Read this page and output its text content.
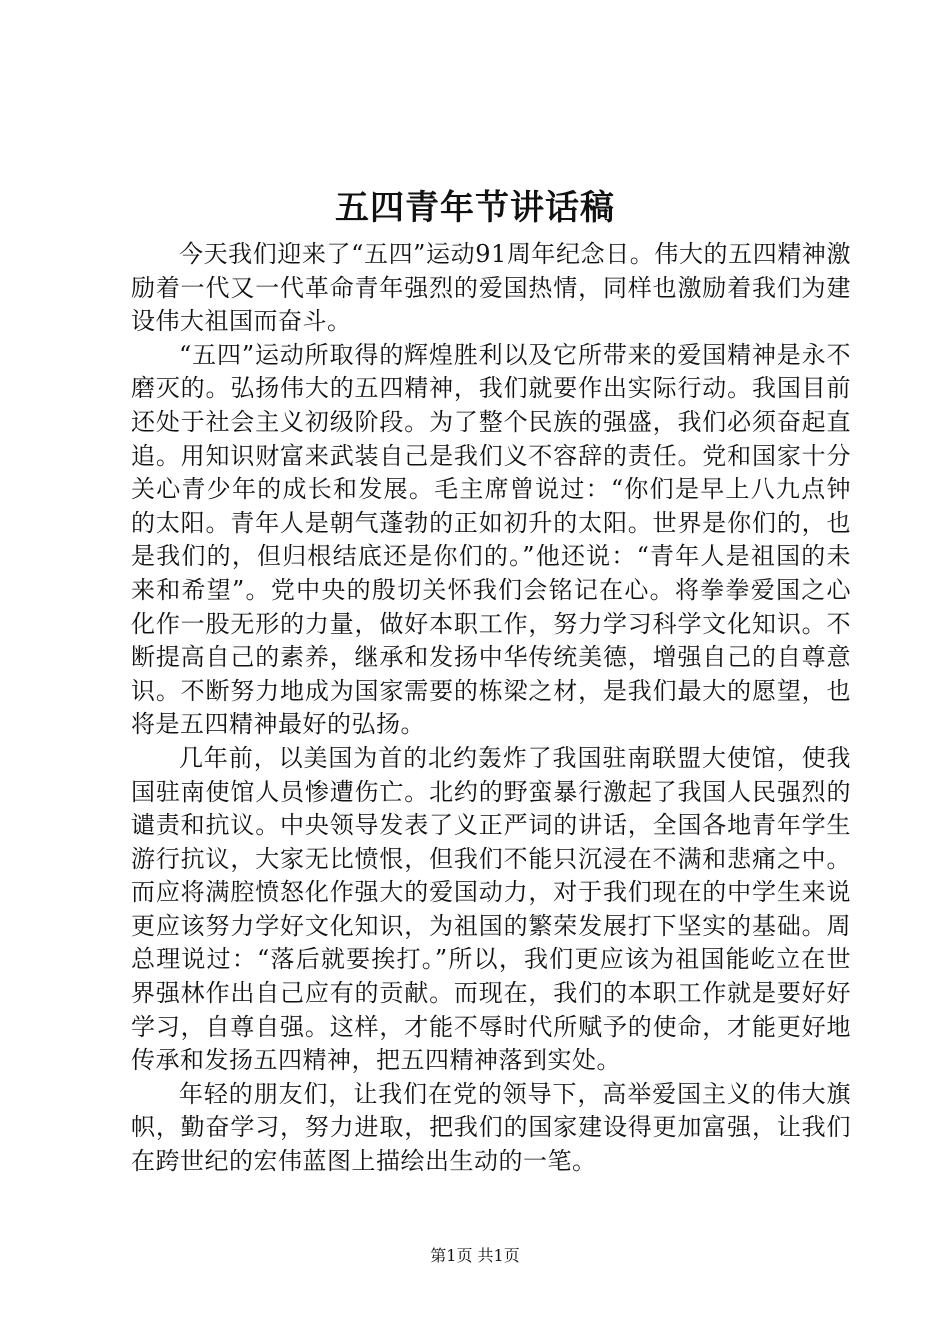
五四青年节讲话稿

今天我们迎来了“五四”运动91周年纪念日。伟大的五四精神激励着一代又一代革命青年强烈的爱国热情，同样也激励着我们为建设伟大祖国而奋斗。

“五四”运动所取得的辉煌胜利以及它所带来的爱国精神是永不磨灭的。弘扬伟大的五四精神，我们就要作出实际行动。我国目前还处于社会主义初级阶段。为了整个民族的强盛，我们必须奋起直追。用知识财富来武装自己是我们义不容辞的责任。党和国家十分关心青少年的成长和发展。毛主席曾说过：“你们是早上八九点钟的太阳。青年人是朝气蓬勃的正如初升的太阳。世界是你们的，也是我们的，但归根结底还是你们的。”他还说：“青年人是祖国的未来和希望”。党中央的殷切关怀我们会铭记在心。将拳拳爱国之心化作一股无形的力量，做好本职工作，努力学习科学文化知识。不断提高自己的素养，继承和发扬中华传统美德，增强自己的自尊意识。不断努力地成为国家需要的栋梁之材，是我们最大的愿望，也将是五四精神最好的弘扬。

几年前，以美国为首的北约轰炸了我国驻南联盟大使馆，使我国驻南使馆人员惨遭伤亡。北约的野蛮暴行激起了我国人民强烈的谴责和抗议。中央领导发表了义正严词的讲话，全国各地青年学生游行抗议，大家无比愤恨，但我们不能只沉浸在不满和悲痛之中。而应将满腔愤怒化作强大的爱国动力，对于我们现在的中学生来说更应该努力学好文化知识，为祖国的繁荣发展打下坚实的基础。周总理说过：“落后就要挨打。”所以，我们更应该为祖国能屹立在世界强林作出自己应有的贡献。而现在，我们的本职工作就是要好好学习，自尊自强。这样，才能不辱时代所赋予的使命，才能更好地传承和发扬五四精神，把五四精神落到实处。

年轻的朋友们，让我们在党的领导下，高举爱国主义的伟大旗帜，勤奋学习，努力进取，把我们的国家建设得更加富强，让我们在跨世纪的宏伟蓝图上描绘出生动的一笔。

第1页 共1页
